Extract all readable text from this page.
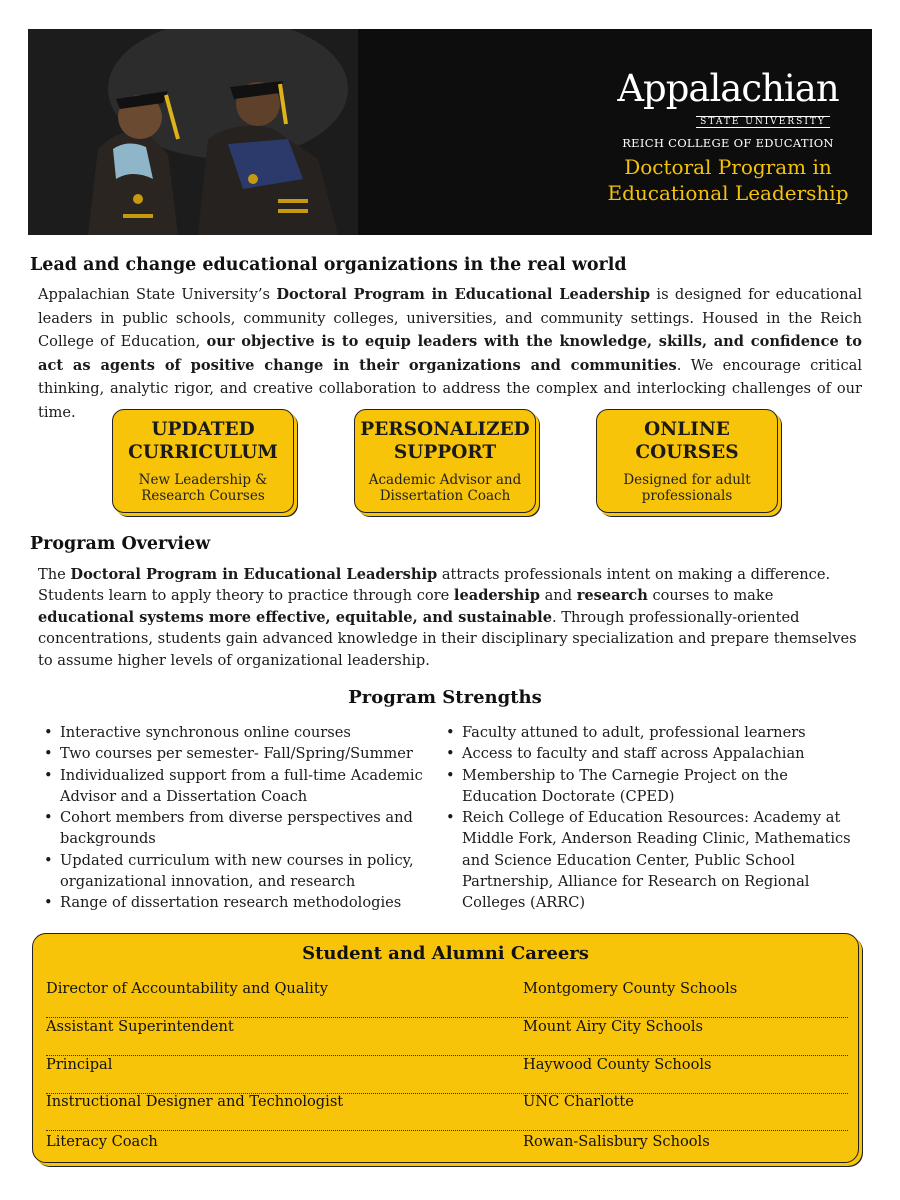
Appalachian
STATE UNIVERSITY
REICH COLLEGE OF EDUCATION
Doctoral Program in
Educational Leadership
Lead and change educational organizations in the real world
Appalachian State University’s Doctoral Program in Educational Leadership is designed for educational leaders in public schools, community colleges, universities, and community settings. Housed in the Reich College of Education, our objective is to equip leaders with the knowledge, skills, and confidence to act as agents of positive change in their organizations and communities. We encourage critical thinking, analytic rigor, and creative collaboration to address the complex and interlocking challenges of our time.
UPDATED
CURRICULUM
New Leadership &
Research Courses
PERSONALIZED
SUPPORT
Academic Advisor and
Dissertation Coach
ONLINE
COURSES
Designed for adult
professionals
Program Overview
The Doctoral Program in Educational Leadership attracts professionals intent on making a difference. Students learn to apply theory to practice through core leadership and research courses to make educational systems more effective, equitable, and sustainable. Through professionally-oriented concentrations, students gain advanced knowledge in their disciplinary specialization and prepare themselves to assume higher levels of organizational leadership.
Program Strengths
• Interactive synchronous online courses
• Two courses per semester- Fall/Spring/Summer
• Individualized support from a full-time Academic Advisor and a Dissertation Coach
• Cohort members from diverse perspectives and backgrounds
• Updated curriculum with new courses in policy, organizational innovation, and research
• Range of dissertation research methodologies
• Faculty attuned to adult, professional learners
• Access to faculty and staff across Appalachian
• Membership to The Carnegie Project on the Education Doctorate (CPED)
• Reich College of Education Resources: Academy at Middle Fork, Anderson Reading Clinic, Mathematics and Science Education Center, Public School Partnership, Alliance for Research on Regional Colleges (ARRC)
Student and Alumni Careers
Director of Accountability and Quality	Montgomery County Schools
Assistant Superintendent	Mount Airy City Schools
Principal	Haywood County Schools
Instructional Designer and Technologist	UNC Charlotte
Literacy Coach	Rowan-Salisbury Schools
